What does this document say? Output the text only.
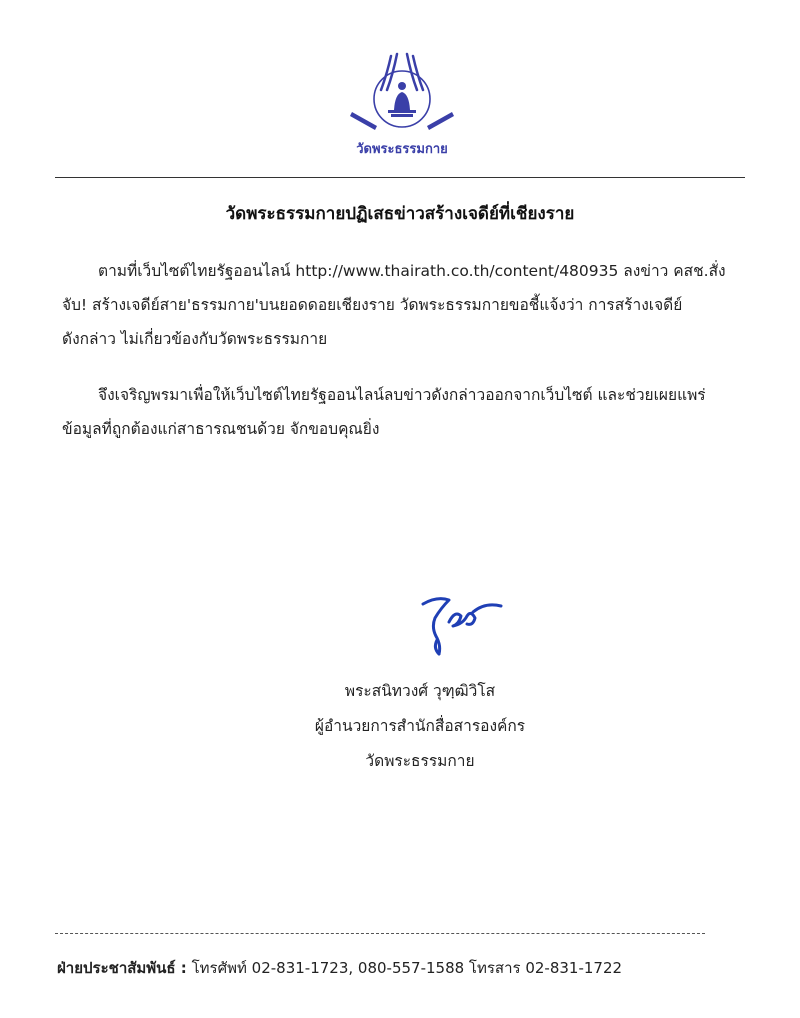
วัดพระธรรมกาย
วัดพระธรรมกายปฏิเสธข่าวสร้างเจดีย์ที่เชียงราย
ตามที่เว็บไซต์ไทยรัฐออนไลน์ http://www.thairath.co.th/content/480935 ลงข่าว คสช.สั่ง
จับ! สร้างเจดีย์สาย'ธรรมกาย'บนยอดดอยเชียงราย วัดพระธรรมกายขอชี้แจ้งว่า การสร้างเจดีย์
ดังกล่าว ไม่เกี่ยวข้องกับวัดพระธรรมกาย
จึงเจริญพรมาเพื่อให้เว็บไซต์ไทยรัฐออนไลน์ลบข่าวดังกล่าวออกจากเว็บไซต์ และช่วยเผยแพร่
ข้อมูลที่ถูกต้องแก่สาธารณชนด้วย จักขอบคุณยิ่ง
พระสนิทวงศ์ วุฑฺฒิวิโส
ผู้อำนวยการสำนักสื่อสารองค์กร
วัดพระธรรมกาย
ฝ่ายประชาสัมพันธ์ : โทรศัพท์ 02-831-1723, 080-557-1588 โทรสาร 02-831-1722
